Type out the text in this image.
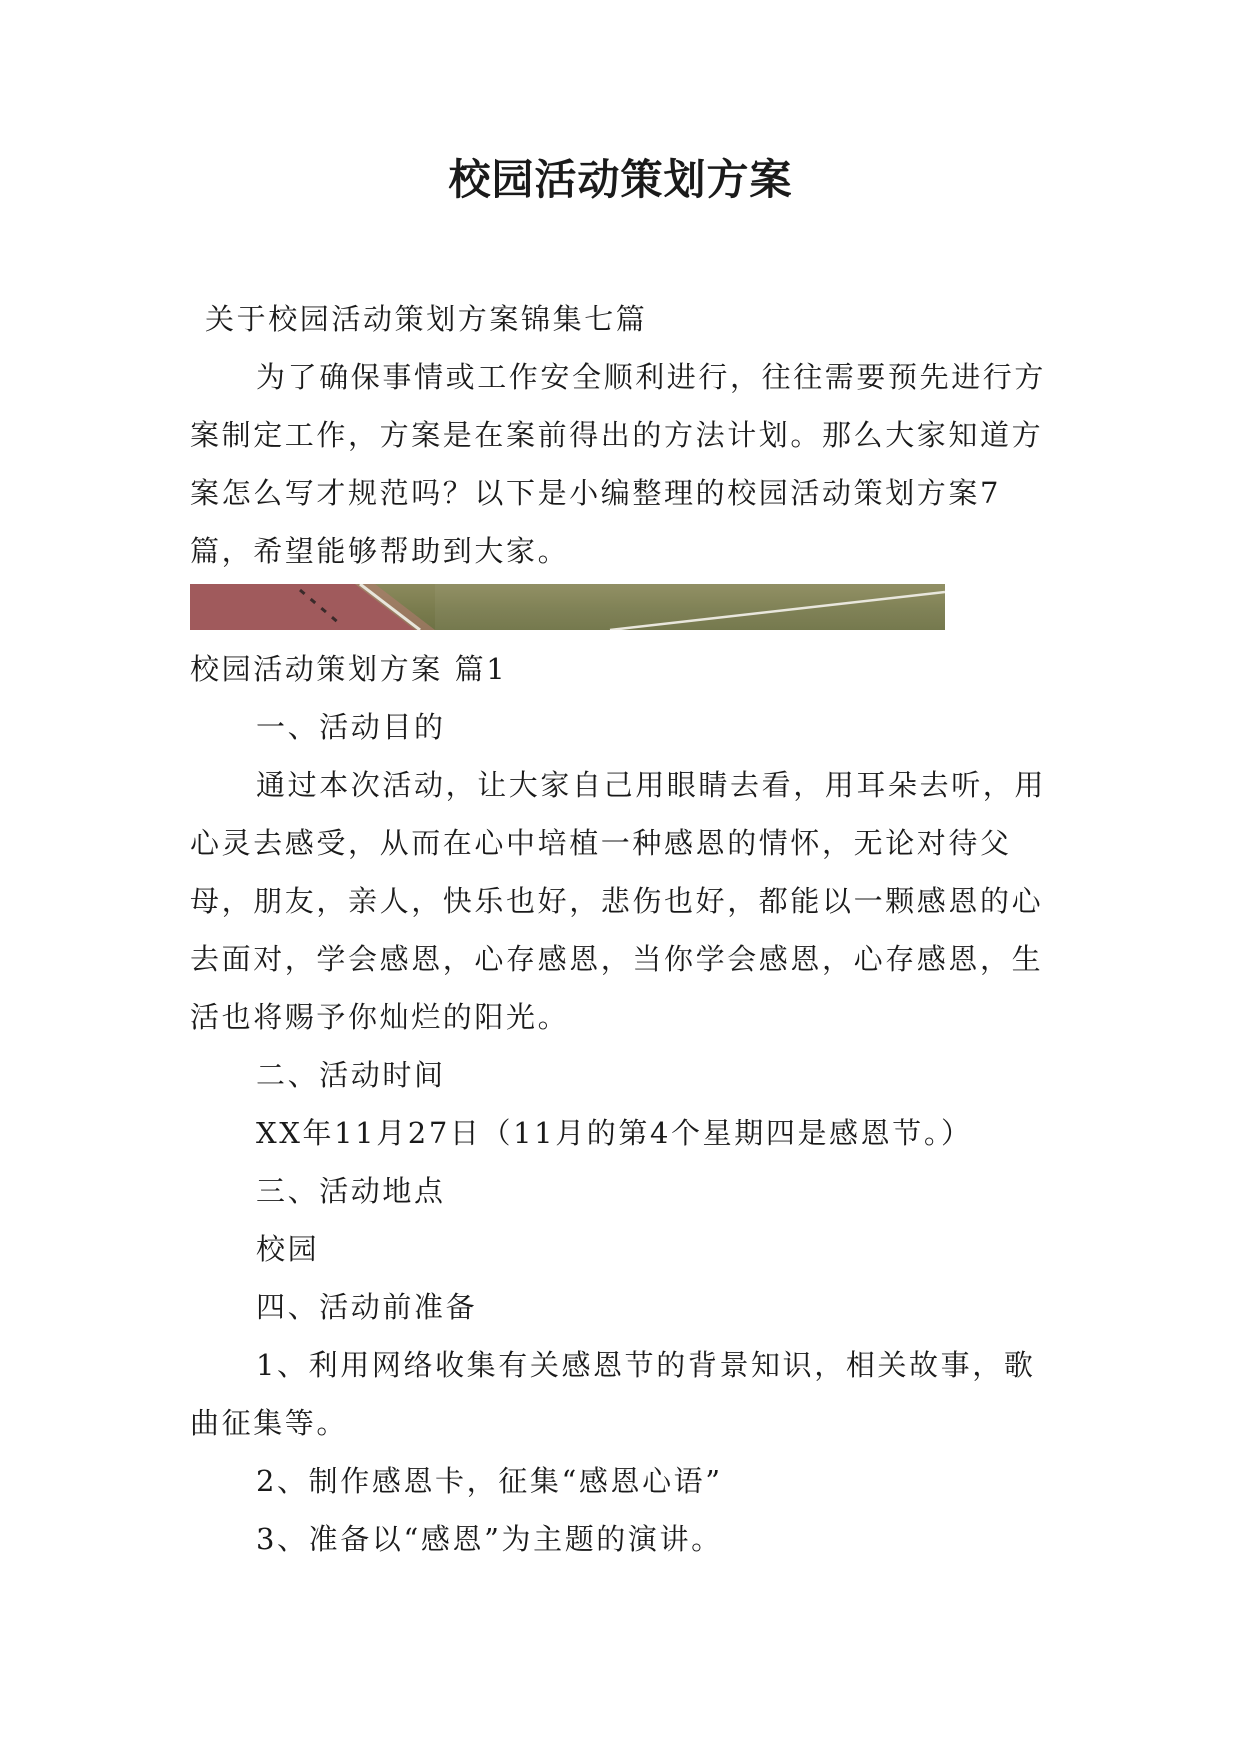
校园活动策划方案

关于校园活动策划方案锦集七篇

为了确保事情或工作安全顺利进行，往往需要预先进行方案制定工作，方案是在案前得出的方法计划。那么大家知道方案怎么写才规范吗？以下是小编整理的校园活动策划方案7篇，希望能够帮助到大家。

校园活动策划方案 篇1

一、活动目的

通过本次活动，让大家自己用眼睛去看，用耳朵去听，用心灵去感受，从而在心中培植一种感恩的情怀，无论对待父母，朋友，亲人，快乐也好，悲伤也好，都能以一颗感恩的心去面对，学会感恩，心存感恩，当你学会感恩，心存感恩，生活也将赐予你灿烂的阳光。

二、活动时间

XX年11月27日（11月的第4个星期四是感恩节。）

三、活动地点

校园

四、活动前准备

1、利用网络收集有关感恩节的背景知识，相关故事，歌曲征集等。

2、制作感恩卡，征集“感恩心语”

3、准备以“感恩”为主题的演讲。
